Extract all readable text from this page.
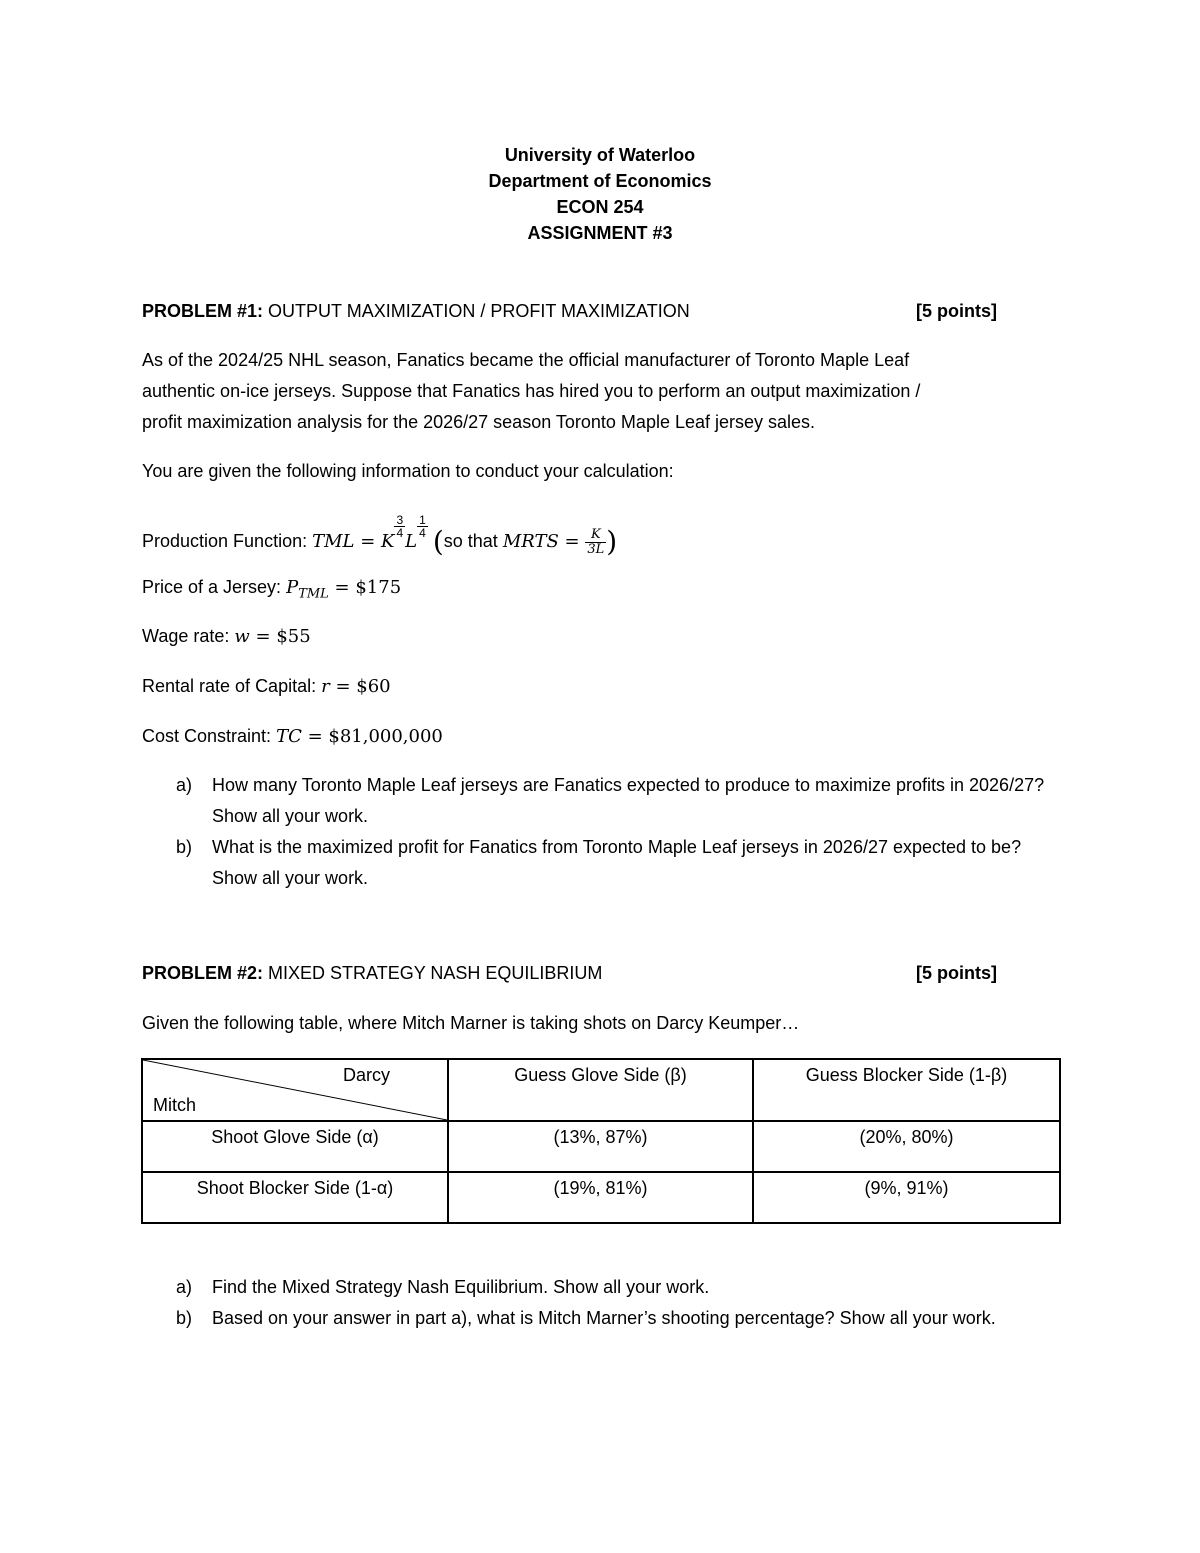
University of Waterloo
Department of Economics
ECON 254
ASSIGNMENT #3
PROBLEM #1: OUTPUT MAXIMIZATION / PROFIT MAXIMIZATION	[5 points]
As of the 2024/25 NHL season, Fanatics became the official manufacturer of Toronto Maple Leaf
authentic on-ice jerseys. Suppose that Fanatics has hired you to perform an output maximization /
profit maximization analysis for the 2026/27 season Toronto Maple Leaf jersey sales.
You are given the following information to conduct your calculation:
Production Function: TML = K
$\frac{3}{4}$
L
$\frac{1}{4} (so$ that MRTS = $\frac{K}{3L}$ )
Price of a Jersey: $P_{TML}$ = $175
Wage rate: w = $55
Rental rate of Capital: r = $60
Cost Constraint: TC = $81,000,000
a) How many Toronto Maple Leaf jerseys are Fanatics expected to produce to maximize profits in 2026/27? Show all your work.
b) What is the maximized profit for Fanatics from Toronto Maple Leaf jerseys in 2026/27 expected to be? Show all your work.
PROBLEM #2: MIXED STRATEGY NASH EQUILIBRIUM	[5 points]
Given the following table, where Mitch Marner is taking shots on Darcy Keumper…
Darcy
Mitch	Guess Glove Side (β)	Guess Blocker Side (1-β)

Shoot Glove Side (α)	(13%, 87%)	(20%, 80%)

Shoot Blocker Side (1-α)	(19%, 81%)	(9%, 91%)
a) Find the Mixed Strategy Nash Equilibrium. Show all your work.
b) Based on your answer in part a), what is Mitch Marner’s shooting percentage? Show all your work.
